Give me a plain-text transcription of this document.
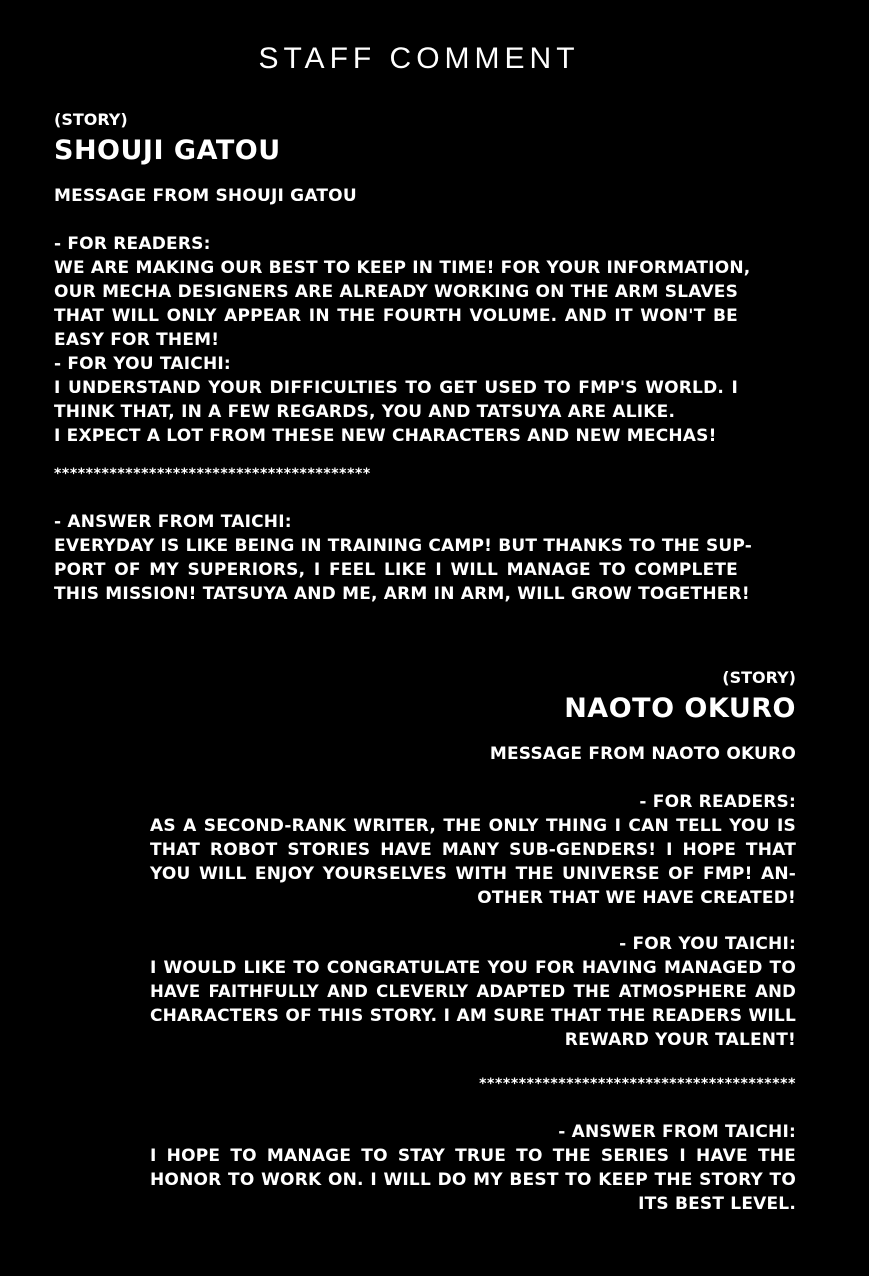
STAFF COMMENT
(STORY)
SHOUJI GATOU
MESSAGE FROM SHOUJI GATOU
- FOR READERS:
WE ARE MAKING OUR BEST TO KEEP IN TIME! FOR YOUR INFORMATION,
OUR MECHA DESIGNERS ARE ALREADY WORKING ON THE ARM SLAVES
THAT WILL ONLY APPEAR IN THE FOURTH VOLUME. AND IT WON'T BE
EASY FOR THEM!
- FOR YOU TAICHI:
I UNDERSTAND YOUR DIFFICULTIES TO GET USED TO FMP'S WORLD. I
THINK THAT, IN A FEW REGARDS, YOU AND TATSUYA ARE ALIKE.
I EXPECT A LOT FROM THESE NEW CHARACTERS AND NEW MECHAS!
****************************************
- ANSWER FROM TAICHI:
EVERYDAY IS LIKE BEING IN TRAINING CAMP! BUT THANKS TO THE SUP-
PORT OF MY SUPERIORS, I FEEL LIKE I WILL MANAGE TO COMPLETE
THIS MISSION! TATSUYA AND ME, ARM IN ARM, WILL GROW TOGETHER!
(STORY)
NAOTO OKURO
MESSAGE FROM NAOTO OKURO
- FOR READERS:
AS A SECOND-RANK WRITER, THE ONLY THING I CAN TELL YOU IS
THAT ROBOT STORIES HAVE MANY SUB-GENDERS! I HOPE THAT
YOU WILL ENJOY YOURSELVES WITH THE UNIVERSE OF FMP! AN-
OTHER THAT WE HAVE CREATED!
- FOR YOU TAICHI:
I WOULD LIKE TO CONGRATULATE YOU FOR HAVING MANAGED TO
HAVE FAITHFULLY AND CLEVERLY ADAPTED THE ATMOSPHERE AND
CHARACTERS OF THIS STORY. I AM SURE THAT THE READERS WILL
REWARD YOUR TALENT!
****************************************
- ANSWER FROM TAICHI:
I HOPE TO MANAGE TO STAY TRUE TO THE SERIES I HAVE THE
HONOR TO WORK ON. I WILL DO MY BEST TO KEEP THE STORY TO
ITS BEST LEVEL.
